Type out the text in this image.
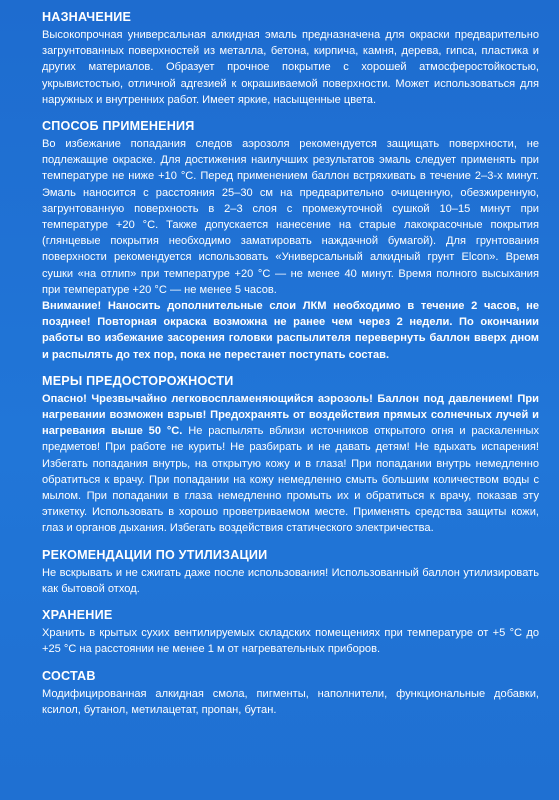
НАЗНАЧЕНИЕ

Высокопрочная универсальная алкидная эмаль предназначена для окраски предварительно загрунтованных поверхностей из металла, бетона, кирпича, камня, дерева, гипса, пластика и других материалов. Образует прочное покрытие с хорошей атмосферостойкостью, укрывистостью, отличной адгезией к окрашиваемой поверхности. Может использоваться для наружных и внутренних работ. Имеет яркие, насыщенные цвета.

СПОСОБ ПРИМЕНЕНИЯ

Во избежание попадания следов аэрозоля рекомендуется защищать поверхности, не подлежащие окраске. Для достижения наилучших результатов эмаль следует применять при температуре не ниже +10 °С. Перед применением баллон встряхивать в течение 2–3-х минут. Эмаль наносится с расстояния 25–30 см на предварительно очищенную, обезжиренную, загрунтованную поверхность в 2–3 слоя с промежуточной сушкой 10–15 минут при температуре +20 °С. Также допускается нанесение на старые лакокрасочные покрытия (глянцевые покрытия необходимо заматировать наждачной бумагой). Для грунтования поверхности рекомендуется использовать «Универсальный алкидный грунт Elcon». Время сушки «на отлип» при температуре +20 °С — не менее 40 минут. Время полного высыхания при температуре +20 °С — не менее 5 часов.

Внимание! Наносить дополнительные слои ЛКМ необходимо в течение 2 часов, не позднее! Повторная окраска возможна не ранее чем через 2 недели. По окончании работы во избежание засорения головки распылителя перевернуть баллон вверх дном и распылять до тех пор, пока не перестанет поступать состав.

МЕРЫ ПРЕДОСТОРОЖНОСТИ

Опасно! Чрезвычайно легковоспламеняющийся аэрозоль! Баллон под давлением! При нагревании возможен взрыв! Предохранять от воздействия прямых солнечных лучей и нагревания выше 50 °С. Не распылять вблизи источников открытого огня и раскаленных предметов! При работе не курить! Не разбирать и не давать детям! Не вдыхать испарения! Избегать попадания внутрь, на открытую кожу и в глаза! При попадании внутрь немедленно обратиться к врачу. При попадании на кожу немедленно смыть большим количеством воды с мылом. При попадании в глаза немедленно промыть их и обратиться к врачу, показав эту этикетку. Использовать в хорошо проветриваемом месте. Применять средства защиты кожи, глаз и органов дыхания. Избегать воздействия статического электричества.

РЕКОМЕНДАЦИИ ПО УТИЛИЗАЦИИ

Не вскрывать и не сжигать даже после использования! Использованный баллон утилизировать как бытовой отход.

ХРАНЕНИЕ

Хранить в крытых сухих вентилируемых складских помещениях при температуре от +5 °С до +25 °С на расстоянии не менее 1 м от нагревательных приборов.

СОСТАВ

Модифицированная алкидная смола, пигменты, наполнители, функциональные добавки, ксилол, бутанол, метилацетат, пропан, бутан.
